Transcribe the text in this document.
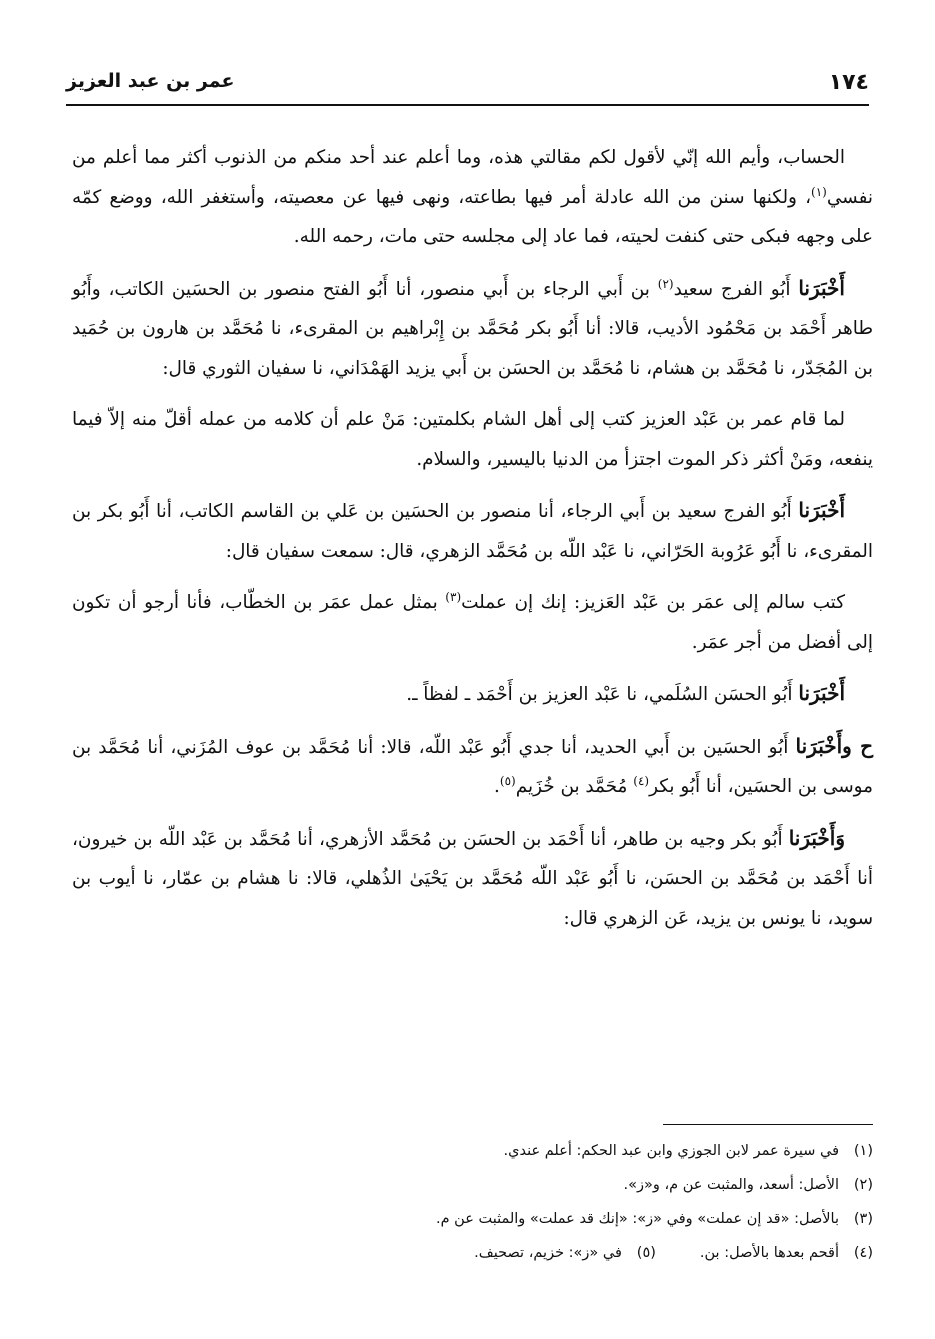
١٧٤
عمر بن عبد العزيز

الحساب، وأيم الله إنّي لأقول لكم مقالتي هذه، وما أعلم عند أحد منكم من الذنوب أكثر مما أعلم من نفسي$^{(١)}$، ولكنها سنن من الله عادلة أمر فيها بطاعته، ونهى فيها عن معصيته، وأستغفر الله، ووضع كمّه على وجهه فبكى حتى كنفت لحيته، فما عاد إلى مجلسه حتى مات، رحمه الله.

أَخْبَرَنا أَبُو الفرج سعيد$^{(٢)}$ بن أَبي الرجاء بن أَبي منصور، أنا أَبُو الفتح منصور بن الحسَين الكاتب، وأَبُو طاهر أَحْمَد بن مَحْمُود الأديب، قالا: أنا أَبُو بكر مُحَمَّد بن إِبْراهيم بن المقرىء، نا مُحَمَّد بن هارون بن حُمَيد بن المُجَدّر، نا مُحَمَّد بن هشام، نا مُحَمَّد بن الحسَن بن أَبي يزيد الهَمْدَاني، نا سفيان الثوري قال:

لما قام عمر بن عَبْد العزيز كتب إلى أهل الشام بكلمتين: مَنْ علم أن كلامه من عمله أقلّ منه إلاّ فيما ينفعه، ومَنْ أكثر ذكر الموت اجتزأ من الدنيا باليسير، والسلام.

أَخْبَرَنا أَبُو الفرج سعيد بن أَبي الرجاء، أنا منصور بن الحسَين بن عَلي بن القاسم الكاتب، أنا أَبُو بكر بن المقرىء، نا أَبُو عَرُوبة الحَرّاني، نا عَبْد اللّه بن مُحَمَّد الزهري، قال: سمعت سفيان قال:

كتب سالم إلى عمَر بن عَبْد العَزيز: إنك إن عملت$^{(٣)}$ بمثل عمل عمَر بن الخطّاب، فأنا أرجو أن تكون إلى أفضل من أجر عمَر.

أَخْبَرَنا أَبُو الحسَن السُلَمي، نا عَبْد العزيز بن أَحْمَد ـ لفظاً ـ.

ح وأَخْبَرَنا أَبُو الحسَين بن أَبي الحديد، أنا جدي أَبُو عَبْد اللّه، قالا: أنا مُحَمَّد بن عوف المُزَني، أنا مُحَمَّد بن موسى بن الحسَين، أنا أَبُو بكر$^{(٤)}$ مُحَمَّد بن خُزَيم$^{(٥)}$.

وَأَخْبَرَنا أَبُو بكر وجيه بن طاهر، أنا أَحْمَد بن الحسَن بن مُحَمَّد الأزهري، أنا مُحَمَّد بن عَبْد اللّه بن خيرون، أنا أَحْمَد بن مُحَمَّد بن الحسَن، نا أَبُو عَبْد اللّه مُحَمَّد بن يَحْيَىٰ الذُهلي، قالا: نا هشام بن عمّار، نا أيوب بن سويد، نا يونس بن يزيد، عَن الزهري قال:

(١)في سيرة عمر لابن الجوزي وابن عبد الحكم: أعلم عندي.
(٢)الأصل: أسعد، والمثبت عن م، و«ز».
(٣)بالأصل: «قد إن عملت» وفي «ز»: «إنك قد عملت» والمثبت عن م.
(٤)أقحم بعدها بالأصل: بن.(٥)في «ز»: خزيم، تصحيف.
